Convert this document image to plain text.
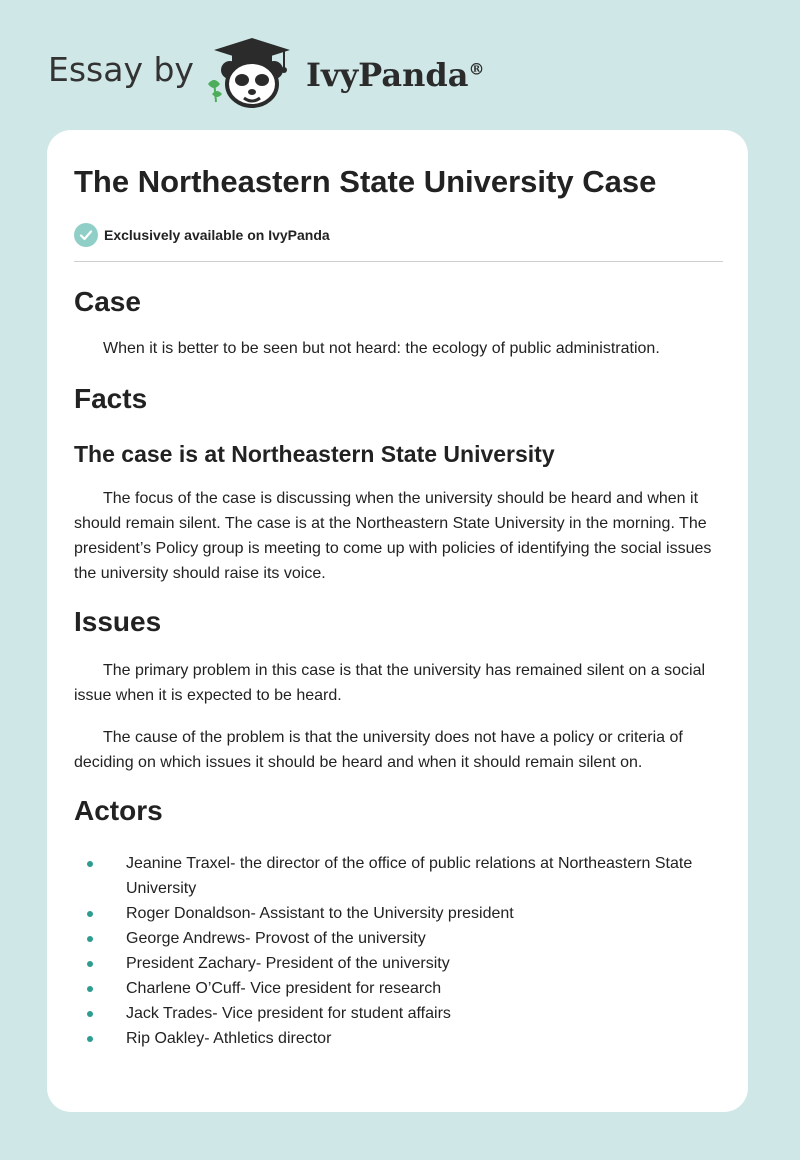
Essay by	IvyPanda®
The Northeastern State University Case
Exclusively available on IvyPanda
Case

When it is better to be seen but not heard: the ecology of public administration.

Facts
The case is at Northeastern State University

The focus of the case is discussing when the university should be heard and when it should remain silent. The case is at the Northeastern State University in the morning. The president’s Policy group is meeting to come up with policies of identifying the social issues the university should raise its voice.

Issues

The primary problem in this case is that the university has remained silent on a social issue when it is expected to be heard.

The cause of the problem is that the university does not have a policy or criteria of deciding on which issues it should be heard and when it should remain silent on.

Actors
Jeanine Traxel- the director of the office of public relations at Northeastern State University
Roger Donaldson- Assistant to the University president
George Andrews- Provost of the university
President Zachary- President of the university
Charlene O’Cuff- Vice president for research
Jack Trades- Vice president for student affairs
Rip Oakley- Athletics director
